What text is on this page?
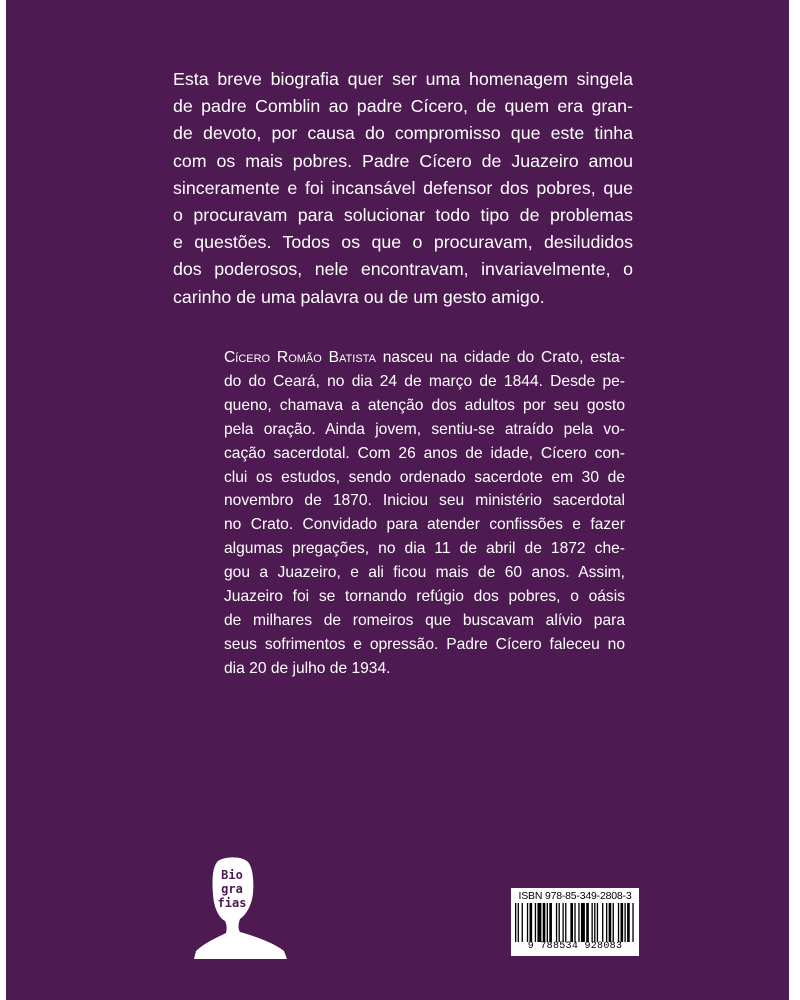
Esta breve biografia quer ser uma homenagem singela
de padre Comblin ao padre Cícero, de quem era gran-
de devoto, por causa do compromisso que este tinha
com os mais pobres. Padre Cícero de Juazeiro amou
sinceramente e foi incansável defensor dos pobres, que
o procuravam para solucionar todo tipo de problemas
e questões. Todos os que o procuravam, desiludidos
dos poderosos, nele encontravam, invariavelmente, o
carinho de uma palavra ou de um gesto amigo.
Cícero Romão Batista nasceu na cidade do Crato, esta-
do do Ceará, no dia 24 de março de 1844. Desde pe-
queno, chamava a atenção dos adultos por seu gosto
pela oração. Ainda jovem, sentiu-se atraído pela vo-
cação sacerdotal. Com 26 anos de idade, Cícero con-
clui os estudos, sendo ordenado sacerdote em 30 de
novembro de 1870. Iniciou seu ministério sacerdotal
no Crato. Convidado para atender confissões e fazer
algumas pregações, no dia 11 de abril de 1872 che-
gou a Juazeiro, e ali ficou mais de 60 anos. Assim,
Juazeiro foi se tornando refúgio dos pobres, o oásis
de milhares de romeiros que buscavam alívio para
seus sofrimentos e opressão. Padre Cícero faleceu no
dia 20 de julho de 1934.
Bio
gra
fias	ISBN 978-85-349-2808-3
9 788534 928083
